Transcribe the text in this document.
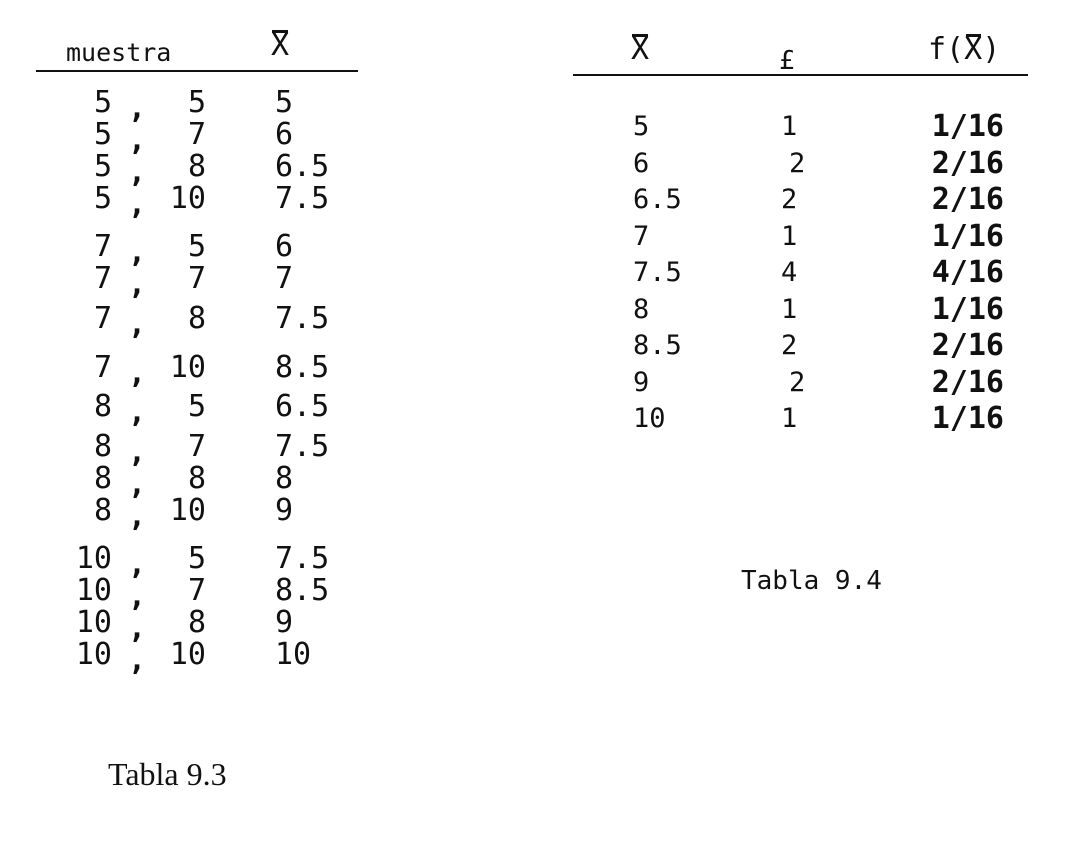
muestra	X
5 , 5 5
5 , 7 6
5 , 8 6.5
5 , 10 7.5
7 , 5 6
7 , 7 7
7 , 8 7.5
7 , 10 8.5
8 , 5 6.5
8 , 7 7.5
8 , 8 8
8 , 10 9
10 , 5 7.5
10 , 7 8.5
10 , 8 9
10 , 10 10
Tabla 9.3
X	£	f(X)
5	1	1/16
6	2	2/16
6.5	2	2/16
7	1	1/16
7.5	4	4/16
8	1	1/16
8.5	2	2/16
9	2	2/16
10	1	1/16
Tabla 9.4
